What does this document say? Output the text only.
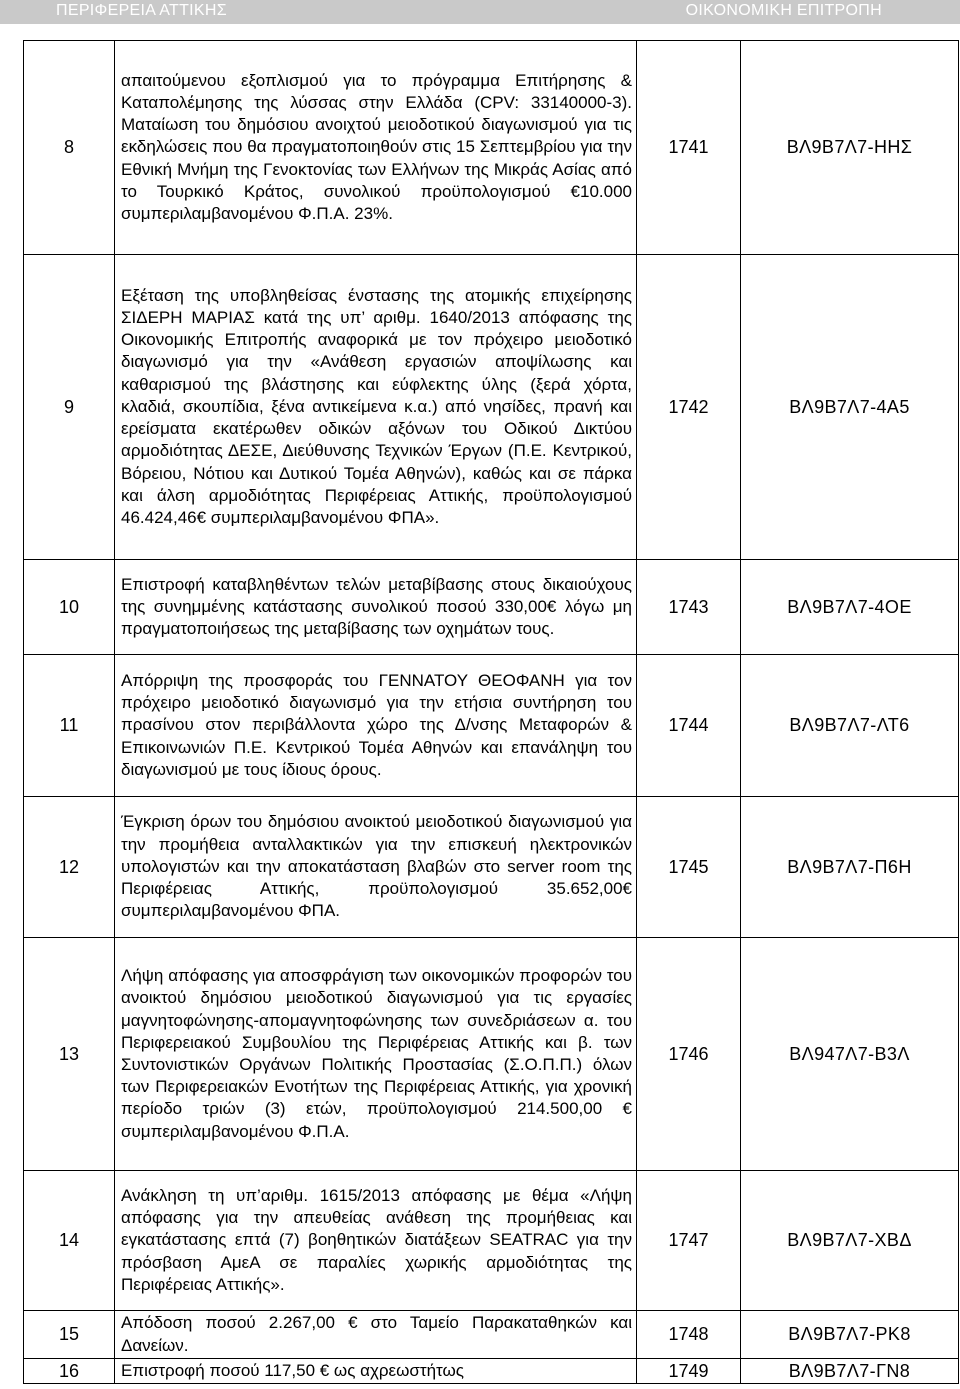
ΠΕΡΙΦΕΡΕΙΑ ΑΤΤΙΚΗΣ	ΟΙΚΟΝΟΜΙΚΗ ΕΠΙΤΡΟΠΗ
8	απαιτούμενου εξοπλισμού για το πρόγραμμα Επιτήρησης & Καταπολέμησης της λύσσας στην Ελλάδα (CPV: 33140000-3). Ματαίωση του δημόσιου ανοιχτού μειοδοτικού διαγωνισμού για τις εκδηλώσεις που θα πραγματοποιηθούν στις 15 Σεπτεμβρίου για την Εθνική Μνήμη της Γενοκτονίας των Ελλήνων της Μικράς Ασίας από το Τουρκικό Κράτος, συνολικού προϋπολογισμού €10.000 συμπεριλαμβανομένου Φ.Π.Α. 23%.	1741	ΒΛ9Β7Λ7-ΗΗΣ
9	Εξέταση της υποβληθείσας ένστασης της ατομικής επιχείρησης ΣΙΔΕΡΗ ΜΑΡΙΑΣ κατά της υπ’ αριθμ. 1640/2013 απόφασης της Οικονομικής Επιτροπής αναφορικά με τον πρόχειρο μειοδοτικό διαγωνισμό για την «Ανάθεση εργασιών αποψίλωσης και καθαρισμού της βλάστησης και εύφλεκτης ύλης (ξερά χόρτα, κλαδιά, σκουπίδια, ξένα αντικείμενα κ.α.) από νησίδες, πρανή και ερείσματα εκατέρωθεν οδικών αξόνων του Οδικού Δικτύου αρμοδιότητας ΔΕΣΕ, Διεύθυνσης Τεχνικών Έργων (Π.Ε. Κεντρικού, Βόρειου, Νότιου και Δυτικού Τομέα Αθηνών), καθώς και σε πάρκα και άλση αρμοδιότητας Περιφέρειας Αττικής, προϋπολογισμού 46.424,46€ συμπεριλαμβανομένου ΦΠΑ».	1742	ΒΛ9Β7Λ7-4Α5
10	Επιστροφή καταβληθέντων τελών μεταβίβασης στους δικαιούχους της συνημμένης κατάστασης συνολικού ποσού 330,00€ λόγω μη πραγματοποιήσεως της μεταβίβασης των οχημάτων τους.	1743	ΒΛ9Β7Λ7-4ΟΕ
11	Απόρριψη της προσφοράς του ΓΕΝΝΑΤΟΥ ΘΕΟΦΑΝΗ για τον πρόχειρο μειοδοτικό διαγωνισμό για την ετήσια συντήρηση του πρασίνου στον περιβάλλοντα χώρο της Δ/νσης Μεταφορών & Επικοινωνιών Π.Ε. Κεντρικού Τομέα Αθηνών και επανάληψη του διαγωνισμού με τους ίδιους όρους.	1744	ΒΛ9Β7Λ7-ΛΤ6
12	Έγκριση όρων του δημόσιου ανοικτού μειοδοτικού διαγωνισμού για την προμήθεια ανταλλακτικών για την επισκευή ηλεκτρονικών υπολογιστών και την αποκατάσταση βλαβών στο server room της Περιφέρειας Αττικής, προϋπολογισμού 35.652,00€ συμπεριλαμβανομένου ΦΠΑ.	1745	ΒΛ9Β7Λ7-Π6Η
13	Λήψη απόφασης για αποσφράγιση των οικονομικών προφορών του ανοικτού δημόσιου μειοδοτικού διαγωνισμού για τις εργασίες μαγνητοφώνησης-απομαγνητοφώνησης των συνεδριάσεων α. του Περιφερειακού Συμβουλίου της Περιφέρειας Αττικής και β. των Συντονιστικών Οργάνων Πολιτικής Προστασίας (Σ.Ο.Π.Π.) όλων των Περιφερειακών Ενοτήτων της Περιφέρειας Αττικής, για χρονική περίοδο τριών (3) ετών, προϋπολογισμού 214.500,00 € συμπεριλαμβανομένου Φ.Π.Α.	1746	ΒΛ947Λ7-Β3Λ
14	Ανάκληση τη υπ’αριθμ. 1615/2013 απόφασης με θέμα «Λήψη απόφασης για την απευθείας ανάθεση της προμήθειας και εγκατάστασης επτά (7) βοηθητικών διατάξεων SEATRAC για την πρόσβαση ΑμεΑ σε παραλίες χωρικής αρμοδιότητας της Περιφέρειας Αττικής».	1747	ΒΛ9Β7Λ7-ΧΒΔ
15	Απόδοση ποσού 2.267,00 € στο Ταμείο Παρακαταθηκών και Δανείων.	1748	ΒΛ9Β7Λ7-ΡΚ8
16	Επιστροφή ποσού 117,50 € ως αχρεωστήτως	1749	ΒΛ9Β7Λ7-ΓΝ8
